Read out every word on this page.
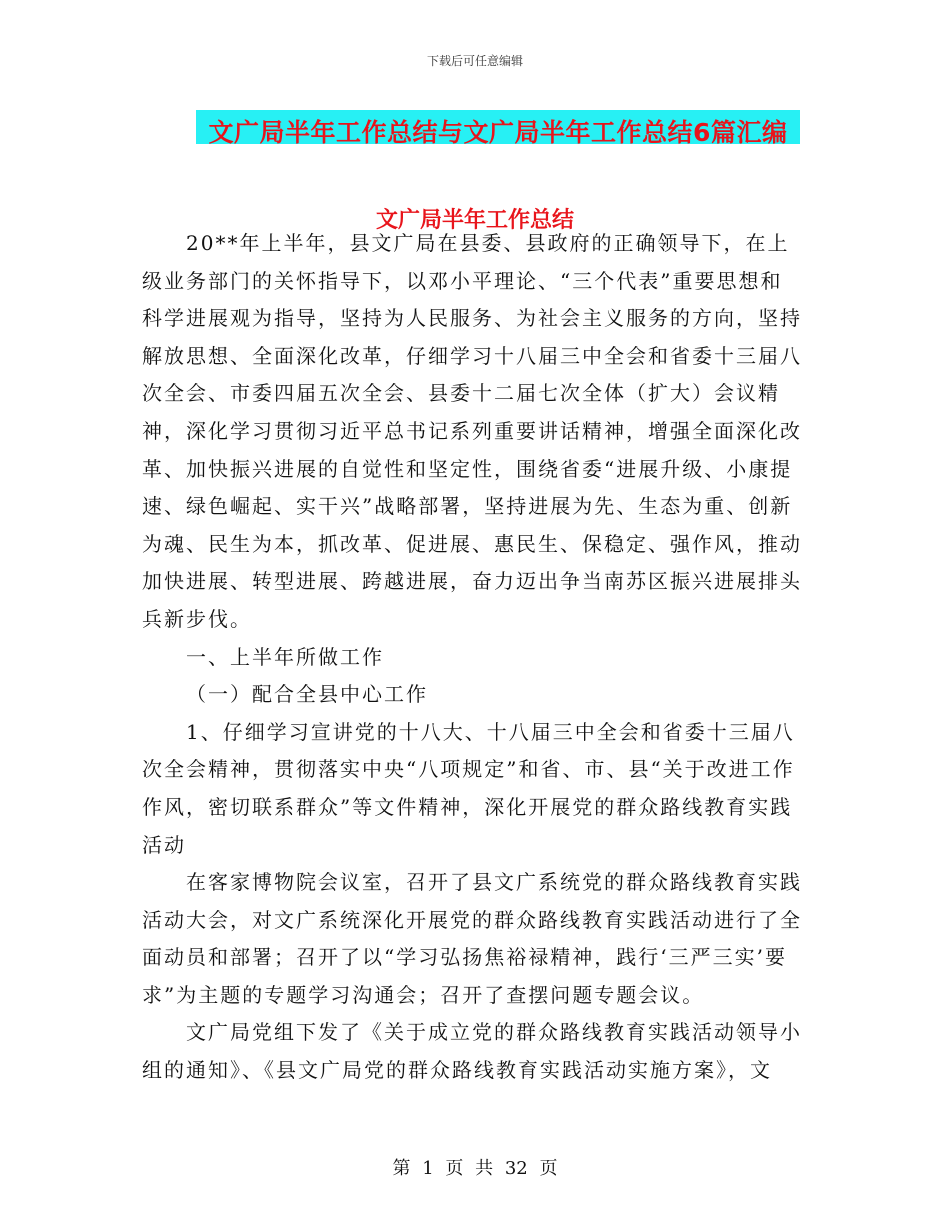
下载后可任意编辑
文广局半年工作总结与文广局半年工作总结6篇汇编
文广局半年工作总结

20**年上半年，县文广局在县委、县政府的正确领导下，在上级业务部门的关怀指导下，以邓小平理论、“三个代表”重要思想和科学进展观为指导，坚持为人民服务、为社会主义服务的方向，坚持解放思想、全面深化改革，仔细学习十八届三中全会和省委十三届八次全会、市委四届五次全会、县委十二届七次全体（扩大）会议精神，深化学习贯彻习近平总书记系列重要讲话精神，增强全面深化改革、加快振兴进展的自觉性和坚定性，围绕省委“进展升级、小康提速、绿色崛起、实干兴”战略部署，坚持进展为先、生态为重、创新为魂、民生为本，抓改革、促进展、惠民生、保稳定、强作风，推动加快进展、转型进展、跨越进展，奋力迈出争当南苏区振兴进展排头兵新步伐。

一、上半年所做工作

（一）配合全县中心工作

1、仔细学习宣讲党的十八大、十八届三中全会和省委十三届八次全会精神，贯彻落实中央“八项规定”和省、市、县“关于改进工作作风，密切联系群众”等文件精神，深化开展党的群众路线教育实践活动

在客家博物院会议室，召开了县文广系统党的群众路线教育实践活动大会，对文广系统深化开展党的群众路线教育实践活动进行了全面动员和部署；召开了以“学习弘扬焦裕禄精神，践行‘三严三实’要求”为主题的专题学习沟通会；召开了查摆问题专题会议。

文广局党组下发了《关于成立党的群众路线教育实践活动领导小组的通知》、《县文广局党的群众路线教育实践活动实施方案》，文

第 1 页 共 32 页
